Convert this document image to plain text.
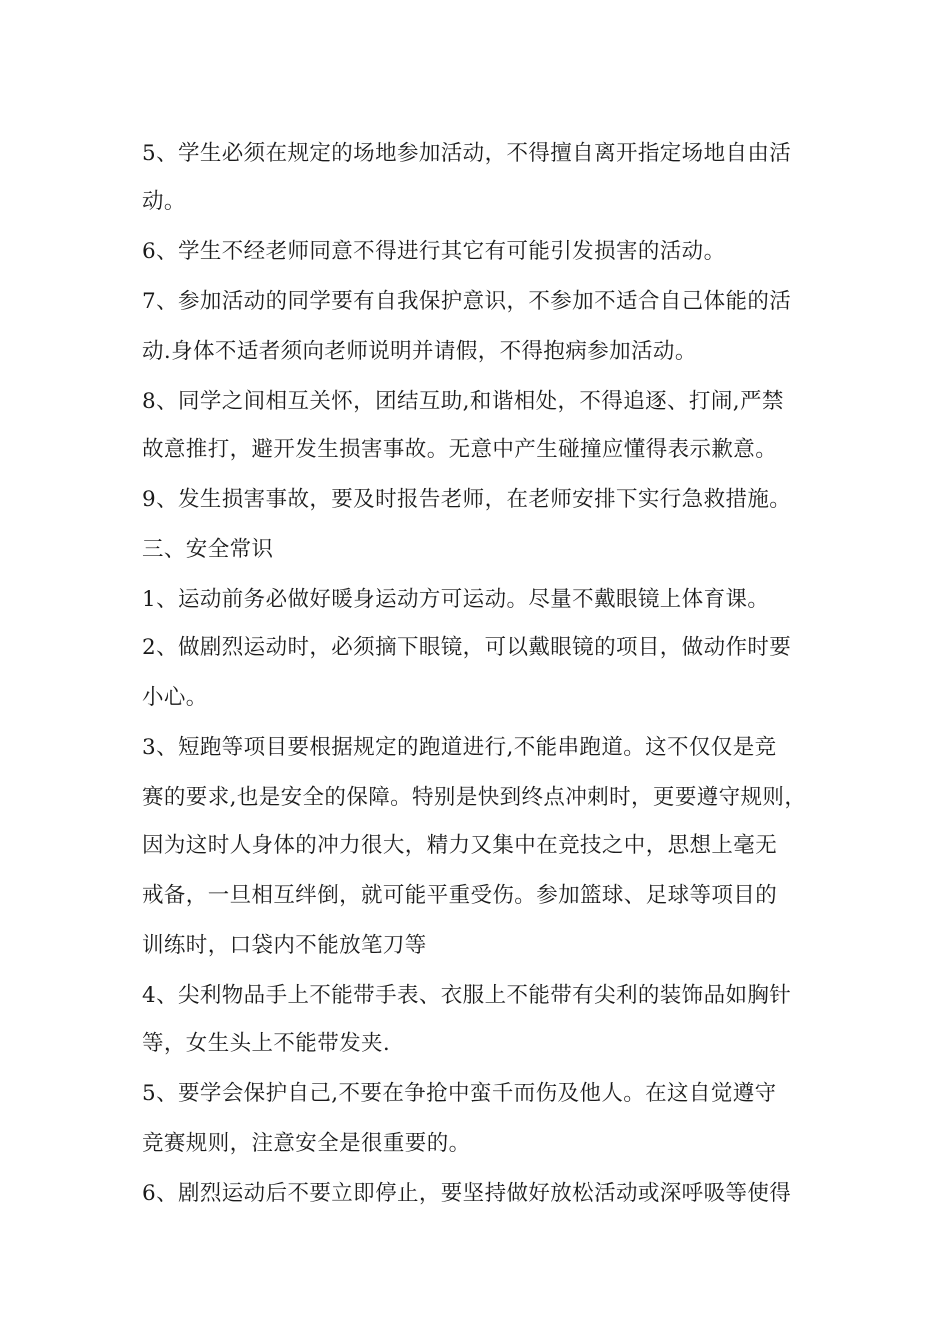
5、学生必须在规定的场地参加活动，不得擅自离开指定场地自由活
动。
6、学生不经老师同意不得进行其它有可能引发损害的活动。
7、参加活动的同学要有自我保护意识，不参加不适合自己体能的活
动.身体不适者须向老师说明并请假，不得抱病参加活动。
8、同学之间相互关怀，团结互助,和谐相处，不得追逐、打闹,严禁
故意推打，避开发生损害事故。无意中产生碰撞应懂得表示歉意。
9、发生损害事故，要及时报告老师，在老师安排下实行急救措施。
三、安全常识
1、运动前务必做好暖身运动方可运动。尽量不戴眼镜上体育课。
2、做剧烈运动时，必须摘下眼镜，可以戴眼镜的项目，做动作时要
小心。
3、短跑等项目要根据规定的跑道进行,不能串跑道。这不仅仅是竞
赛的要求,也是安全的保障。特别是快到终点冲刺时，更要遵守规则，
因为这时人身体的冲力很大，精力又集中在竞技之中，思想上毫无
戒备，一旦相互绊倒，就可能平重受伤。参加篮球、足球等项目的
训练时，口袋内不能放笔刀等
4、尖利物品手上不能带手表、衣服上不能带有尖利的装饰品如胸针
等，女生头上不能带发夹.
5、要学会保护自己,不要在争抢中蛮千而伤及他人。在这自觉遵守
竞赛规则，注意安全是很重要的。
6、剧烈运动后不要立即停止，要坚持做好放松活动或深呼吸等使得
